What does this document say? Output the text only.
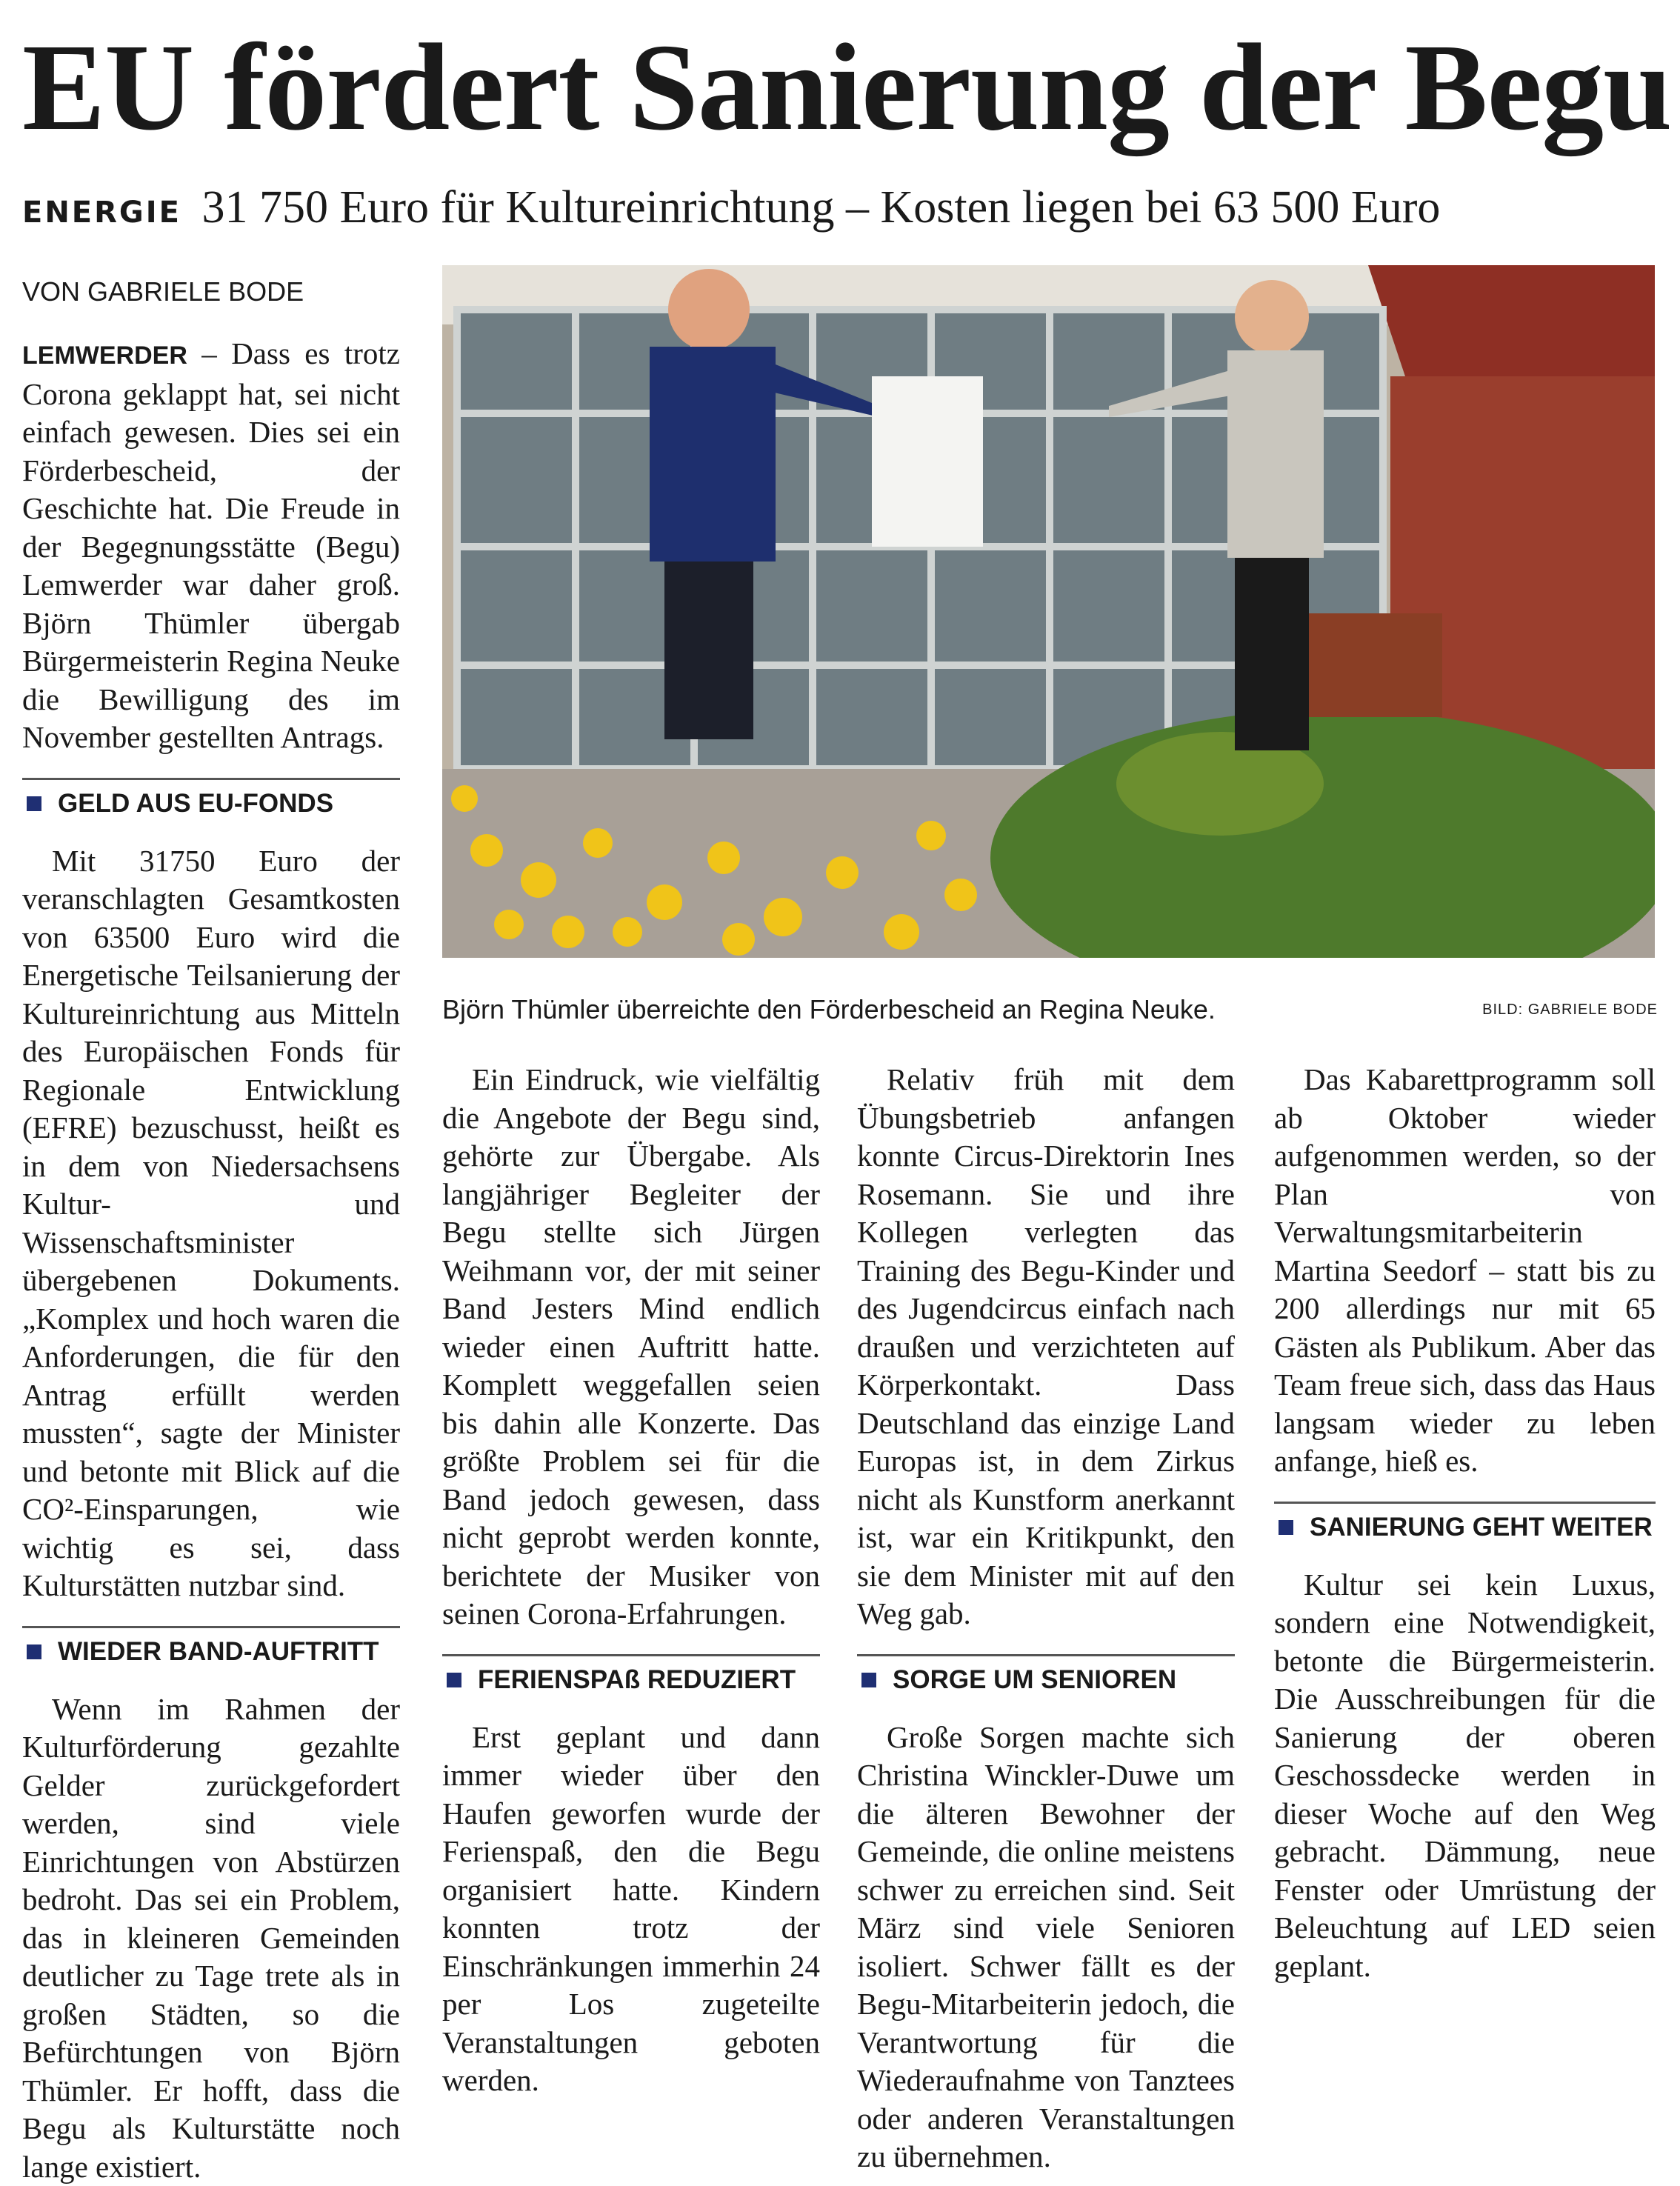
EU fördert Sanierung der Begu
ENERGIE 31 750 Euro für Kultureinrichtung – Kosten liegen bei 63 500 Euro
VON GABRIELE BODE

LEMWERDER – Dass es trotz Corona geklappt hat, sei nicht einfach gewesen. Dies sei ein Förderbescheid, der Geschichte hat. Die Freude in der Begegnungsstätte (Begu) Lemwerder war daher groß. Björn Thümler übergab Bürgermeisterin Regina Neuke die Bewilligung des im November gestellten Antrags.

GELD AUS EU-FONDS

Mit 31750 Euro der veranschlagten Gesamtkosten von 63500 Euro wird die Energetische Teilsanierung der Kultureinrichtung aus Mitteln des Europäischen Fonds für Regionale Entwicklung (EFRE) bezuschusst, heißt es in dem von Niedersachsens Kultur- und Wissenschaftsminister übergebenen Dokuments. „Komplex und hoch waren die Anforderungen, die für den Antrag erfüllt werden mussten“, sagte der Minister und betonte mit Blick auf die CO²-Einsparungen, wie wichtig es sei, dass Kulturstätten nutzbar sind.

WIEDER BAND-AUFTRITT

Wenn im Rahmen der Kulturförderung gezahlte Gelder zurückgefordert werden, sind viele Einrichtungen von Abstürzen bedroht. Das sei ein Problem, das in kleineren Gemeinden deutlicher zu Tage trete als in großen Städten, so die Befürchtungen von Björn Thümler. Er hofft, dass die Begu als Kulturstätte noch lange existiert.

Björn Thümler überreichte den Förderbescheid an Regina Neuke.	BILD: GABRIELE BODE

Ein Eindruck, wie vielfältig die Angebote der Begu sind, gehörte zur Übergabe. Als langjähriger Begleiter der Begu stellte sich Jürgen Weihmann vor, der mit seiner Band Jesters Mind endlich wieder einen Auftritt hatte. Komplett weggefallen seien bis dahin alle Konzerte. Das größte Problem sei für die Band jedoch gewesen, dass nicht geprobt werden konnte, berichtete der Musiker von seinen Corona-Erfahrungen.

FERIENSPAß REDUZIERT

Erst geplant und dann immer wieder über den Haufen geworfen wurde der Ferienspaß, den die Begu organisiert hatte. Kindern konnten trotz der Einschränkungen immerhin 24 per Los zugeteilte Veranstaltungen geboten werden.

Relativ früh mit dem Übungsbetrieb anfangen konnte Circus-Direktorin Ines Rosemann. Sie und ihre Kollegen verlegten das Training des Begu-Kinder und des Jugendcircus einfach nach draußen und verzichteten auf Körperkontakt. Dass Deutschland das einzige Land Europas ist, in dem Zirkus nicht als Kunstform anerkannt ist, war ein Kritikpunkt, den sie dem Minister mit auf den Weg gab.

SORGE UM SENIOREN

Große Sorgen machte sich Christina Winckler-Duwe um die älteren Bewohner der Gemeinde, die online meistens schwer zu erreichen sind. Seit März sind viele Senioren isoliert. Schwer fällt es der Begu-Mitarbeiterin jedoch, die Verantwortung für die Wiederaufnahme von Tanztees oder anderen Veranstaltungen zu übernehmen.

Das Kabarettprogramm soll ab Oktober wieder aufgenommen werden, so der Plan von Verwaltungsmitarbeiterin Martina Seedorf – statt bis zu 200 allerdings nur mit 65 Gästen als Publikum. Aber das Team freue sich, dass das Haus langsam wieder zu leben anfange, hieß es.

SANIERUNG GEHT WEITER

Kultur sei kein Luxus, sondern eine Notwendigkeit, betonte die Bürgermeisterin. Die Ausschreibungen für die Sanierung der oberen Geschossdecke werden in dieser Woche auf den Weg gebracht. Dämmung, neue Fenster oder Umrüstung der Beleuchtung auf LED seien geplant.
